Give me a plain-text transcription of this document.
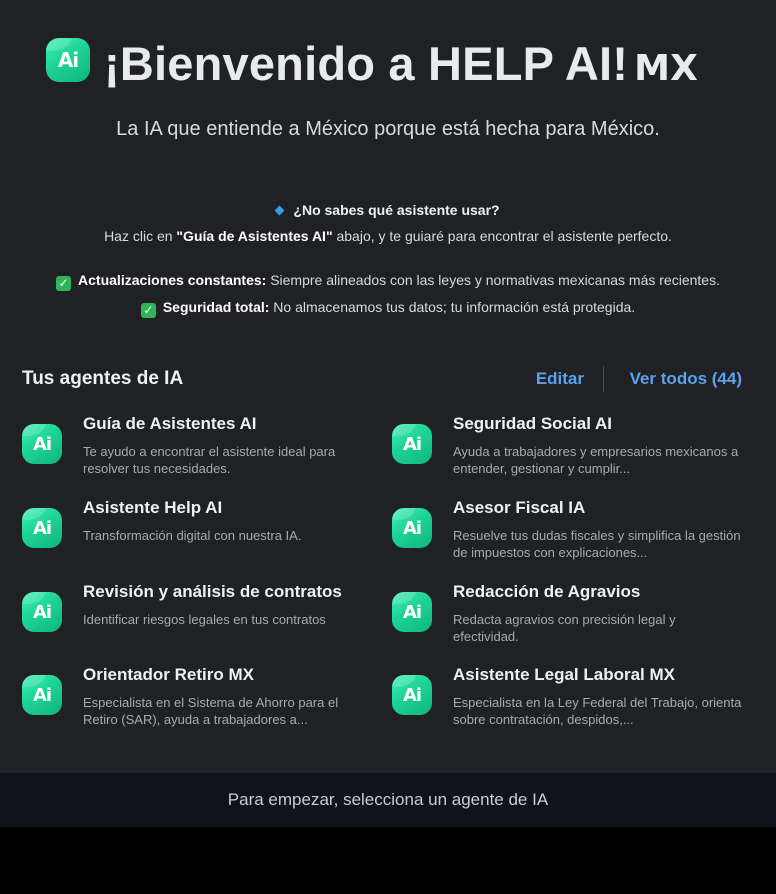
Ai ¡Bienvenido a HELP AI! MX
La IA que entiende a México porque está hecha para México.
¿No sabes qué asistente usar?
Haz clic en "Guía de Asistentes AI" abajo, y te guiaré para encontrar el asistente perfecto.
✓ Actualizaciones constantes: Siempre alineados con las leyes y normativas mexicanas más recientes.
✓ Seguridad total: No almacenamos tus datos; tu información está protegida.
Tus agentes de IA	Editar	Ver todos (44)
Ai
Guía de Asistentes AI
Te ayudo a encontrar el asistente ideal para resolver tus necesidades.
Ai
Seguridad Social AI
Ayuda a trabajadores y empresarios mexicanos a entender, gestionar y cumplir...
Ai
Asistente Help AI
Transformación digital con nuestra IA.	Ai
Asesor Fiscal IA
Resuelve tus dudas fiscales y simplifica la gestión de impuestos con explicaciones...
Ai
Revisión y análisis de contratos
Identificar riesgos legales en tus contratos	Ai
Redacción de Agravios
Redacta agravios con precisión legal y efectividad.
Ai
Orientador Retiro MX
Especialista en el Sistema de Ahorro para el Retiro (SAR), ayuda a trabajadores a...
Ai
Asistente Legal Laboral MX
Especialista en la Ley Federal del Trabajo, orienta sobre contratación, despidos,...
Para empezar, selecciona un agente de IA
